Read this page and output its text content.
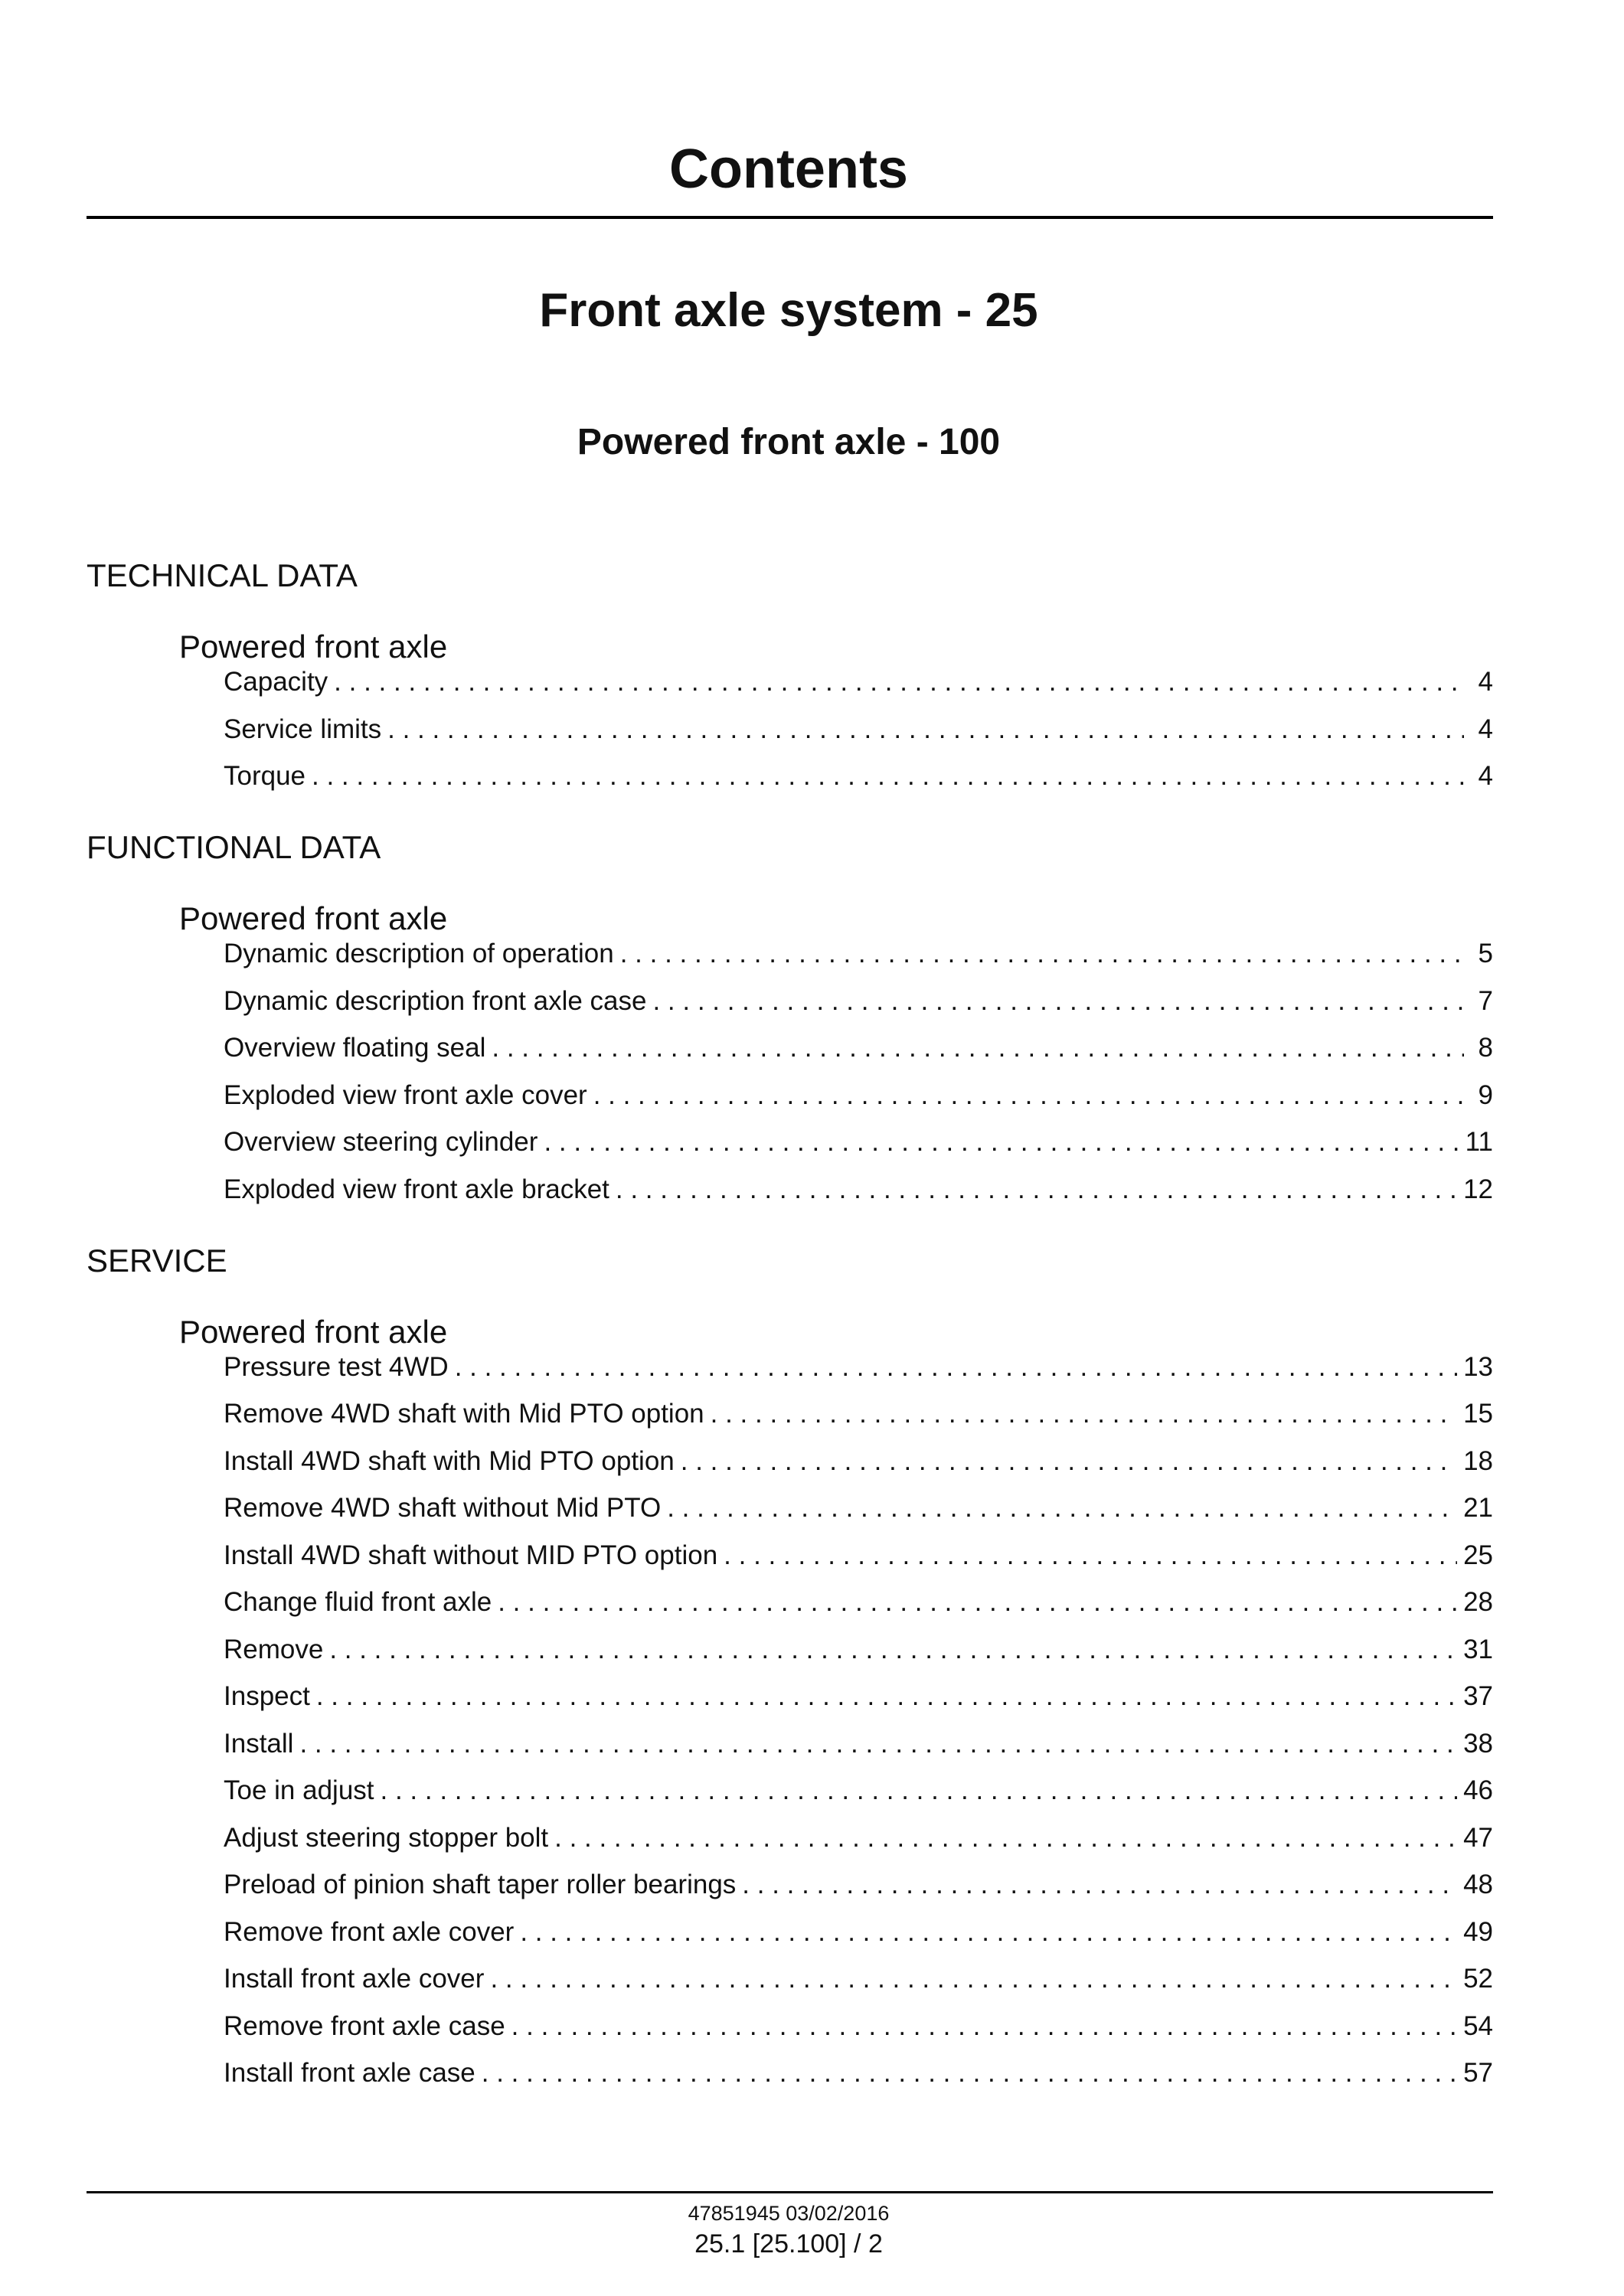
Contents
Front axle system - 25
Powered front axle - 100
TECHNICAL DATA
Powered front axle
Capacity . . .	4
Service limits . . .	4
Torque . . .	4
FUNCTIONAL DATA
Powered front axle
Dynamic description of operation . . .	5
Dynamic description front axle case . . .	7
Overview floating seal . . .	8
Exploded view front axle cover . . .	9
Overview steering cylinder . . .	11
Exploded view front axle bracket . . .	12
SERVICE
Powered front axle
Pressure test 4WD . . .	13
Remove 4WD shaft with Mid PTO option . . .	15
Install 4WD shaft with Mid PTO option . . .	18
Remove 4WD shaft without Mid PTO . . .	21
Install 4WD shaft without MID PTO option . . .	25
Change fluid front axle . . .	28
Remove . . .	31
Inspect . . .	37
Install . . .	38
Toe in adjust . . .	46
Adjust steering stopper bolt . . .	47
Preload of pinion shaft taper roller bearings . . .	48
Remove front axle cover . . .	49
Install front axle cover . . .	52
Remove front axle case . . .	54
Install front axle case . . .	57
47851945 03/02/2016
25.1 [25.100] / 2
